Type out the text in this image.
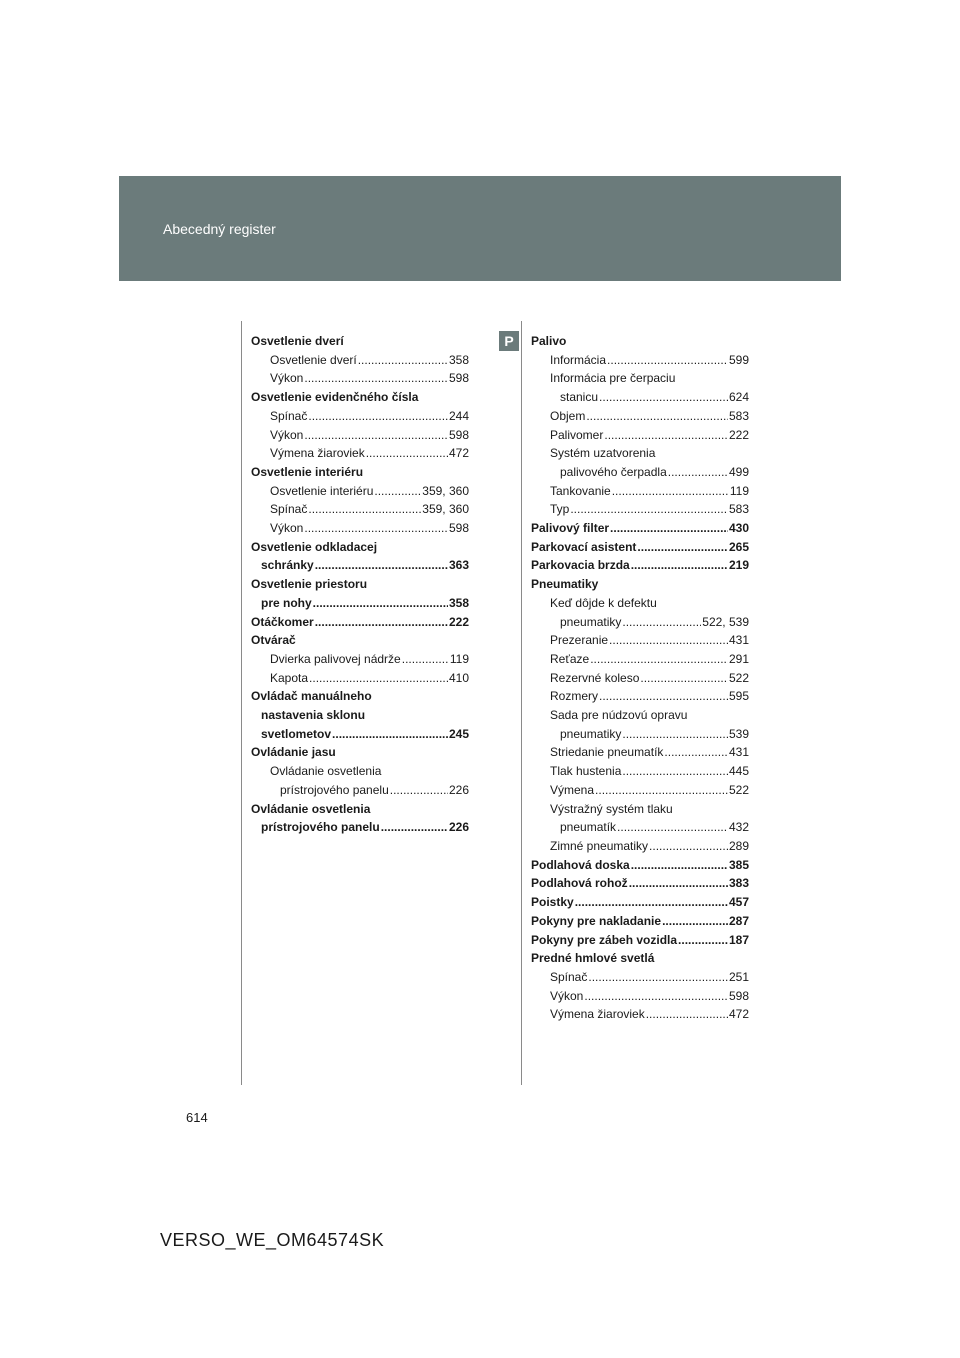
Abecedný register
P
Osvetlenie dverí
Osvetlenie dverí .....	358
Výkon .....	598
Osvetlenie evidenčného čísla
Spínač .....	244
Výkon .....	598
Výmena žiaroviek .....	472
Osvetlenie interiéru
Osvetlenie interiéru .....	359, 360
Spínač .....	359, 360
Výkon .....	598
Osvetlenie odkladacej
schránky .....	363
Osvetlenie priestoru
pre nohy .....	358
Otáčkomer .....	222
Otvárač
Dvierka palivovej nádrže .....	119
Kapota .....	410
Ovládač manuálneho
nastavenia sklonu
svetlometov .....	245
Ovládanie jasu
Ovládanie osvetlenia
prístrojového panelu .....	226
Ovládanie osvetlenia
prístrojového panelu .....	226
Palivo
Informácia .....	599
Informácia pre čerpaciu
stanicu .....	624
Objem .....	583
Palivomer .....	222
Systém uzatvorenia
palivového čerpadla .....	499
Tankovanie .....	119
Typ .....	583
Palivový filter .....	430
Parkovací asistent .....	265
Parkovacia brzda .....	219
Pneumatiky
Keď dôjde k defektu
pneumatiky .....	522, 539
Prezeranie .....	431
Reťaze .....	291
Rezervné koleso .....	522
Rozmery .....	595
Sada pre núdzovú opravu
pneumatiky .....	539
Striedanie pneumatík .....	431
Tlak hustenia .....	445
Výmena .....	522
Výstražný systém tlaku
pneumatík .....	432
Zimné pneumatiky .....	289
Podlahová doska .....	385
Podlahová rohož .....	383
Poistky .....	457
Pokyny pre nakladanie .....	287
Pokyny pre zábeh vozidla .....	187
Predné hmlové svetlá
Spínač .....	251
Výkon .....	598
Výmena žiaroviek .....	472
614
VERSO_WE_OM64574SK
